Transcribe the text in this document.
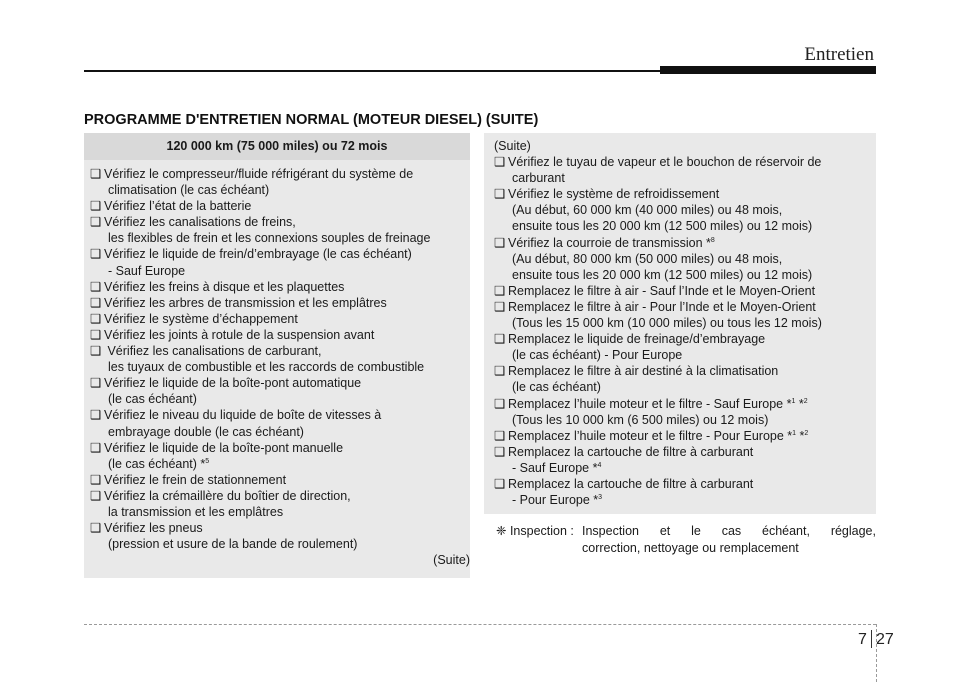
Entretien
PROGRAMME D'ENTRETIEN NORMAL (MOTEUR DIESEL) (SUITE)
120 000 km (75 000 miles) ou 72 mois
❑ Vérifiez le compresseur/fluide réfrigérant du système de
climatisation (le cas échéant)
❑ Vérifiez l’état de la batterie
❑ Vérifiez les canalisations de freins,
les flexibles de frein et les connexions souples de freinage
❑ Vérifiez le liquide de frein/d’embrayage (le cas échéant)
- Sauf Europe
❑ Vérifiez les freins à disque et les plaquettes
❑ Vérifiez les arbres de transmission et les emplâtres
❑ Vérifiez le système d’échappement
❑ Vérifiez les joints à rotule de la suspension avant
❑ Vérifiez les canalisations de carburant,
les tuyaux de combustible et les raccords de combustible
❑ Vérifiez le liquide de la boîte-pont automatique
(le cas échéant)
❑ Vérifiez le niveau du liquide de boîte de vitesses à
embrayage double (le cas échéant)
❑ Vérifiez le liquide de la boîte-pont manuelle
(le cas échéant) *$^5$
❑ Vérifiez le frein de stationnement
❑ Vérifiez la crémaillère du boîtier de direction,
la transmission et les emplâtres
❑ Vérifiez les pneus
(pression et usure de la bande de roulement)
(Suite)
(Suite)
❑ Vérifiez le tuyau de vapeur et le bouchon de réservoir de
carburant
❑ Vérifiez le système de refroidissement
(Au début, 60 000 km (40 000 miles) ou 48 mois,
ensuite tous les 20 000 km (12 500 miles) ou 12 mois)
❑ Vérifiez la courroie de transmission *$^8$
(Au début, 80 000 km (50 000 miles) ou 48 mois,
ensuite tous les 20 000 km (12 500 miles) ou 12 mois)
❑ Remplacez le filtre à air - Sauf l’Inde et le Moyen-Orient
❑ Remplacez le filtre à air - Pour l’Inde et le Moyen-Orient
(Tous les 15 000 km (10 000 miles) ou tous les 12 mois)
❑ Remplacez le liquide de freinage/d’embrayage
(le cas échéant) - Pour Europe
❑ Remplacez le filtre à air destiné à la climatisation
(le cas échéant)
❑ Remplacez l’huile moteur et le filtre - Sauf Europe *$^1$ *$^2$
(Tous les 10 000 km (6 500 miles) ou 12 mois)
❑ Remplacez l’huile moteur et le filtre - Pour Europe *$^1$ *$^2$
❑ Remplacez la cartouche de filtre à carburant
- Sauf Europe *$^4$
❑ Remplacez la cartouche de filtre à carburant
- Pour Europe *$^3$
❈ Inspection : Inspection et le cas échéant, réglage,
correction, nettoyage ou remplacement
7 27
